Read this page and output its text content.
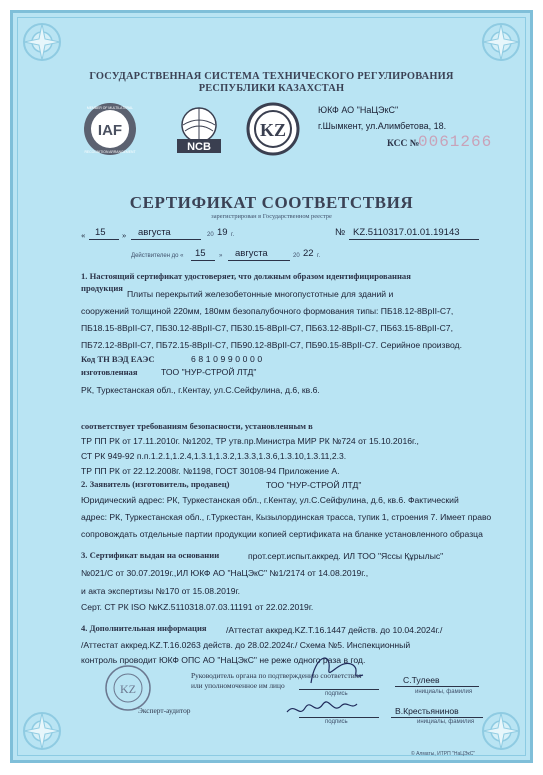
ГОСУДАРСТВЕННАЯ СИСТЕМА ТЕХНИЧЕСКОГО РЕГУЛИРОВАНИЯ
РЕСПУБЛИКИ КАЗАХСТАН
IAF
MEMBER OF MULTILATERAL
RECOGNITION ARRANGEMENT	NCB
KZ
ЮКФ АО "НаЦЭкС"
г.Шымкент, ул.Алимбетова, 18.
КСС №
0061266
СЕРТИФИКАТ СООТВЕТСТВИЯ
зарегистрирован в Государственном реестре
« 15 » августа	20 19 г.	№ KZ.5110317.01.01.19143
Действителен до « 15 » августа	20 22 г.
1. Настоящий сертификат удостоверяет, что должным образом идентифицированная
продукция
Плиты перекрытий железобетонные многопустотные для зданий и
сооружений толщиной 220мм, 180мм безопалубочного формования типы: ПБ18.12-8ВрII-С7,
ПБ18.15-8ВрII-С7, ПБ30.12-8ВрII-С7, ПБ30.15-8ВрII-С7, ПБ63.12-8ВрII-С7, ПБ63.15-8ВрII-С7,
ПБ72.12-8ВрII-С7, ПБ72.15-8ВрII-С7, ПБ90.12-8ВрII-С7, ПБ90.15-8ВрII-С7. Серийное производ.
Код ТН ВЭД ЕАЭС	6810990000
изготовленная	ТОО "НУР-СТРОЙ ЛТД"
РК, Туркестанская обл., г.Кентау, ул.С.Сейфулина, д.6, кв.6.
соответствует требованиям безопасности, установленным в
ТР ПП РК от 17.11.2010г. №1202, ТР утв.пр.Министра МИР РК №724 от 15.10.2016г.,
СТ РК 949-92 п.п.1.2.1,1.2.4,1.3.1,1.3.2,1.3.3,1.3.6,1.3.10,1.3.11,2.3.
ТР ПП РК от 22.12.2008г. №1198, ГОСТ 30108-94 Приложение А.
2. Заявитель (изготовитель, продавец)	ТОО "НУР-СТРОЙ ЛТД"
Юридический адрес: РК, Туркестанская обл., г.Кентау, ул.С.Сейфулина, д.6, кв.6. Фактический
адрес: РК, Туркестанская обл., г.Туркестан, Кызылординская трасса, тупик 1, строения 7. Имеет право
сопровождать отдельные партии продукции копией сертификата на бланке установленного образца
3. Сертификат выдан на основании	прот.серт.испыт.аккред. ИЛ ТОО "Яссы Құрылыс"
№021/С от 30.07.2019г.,ИЛ ЮКФ АО "НаЦЭкС" №1/2174 от 14.08.2019г.,
и акта экспертизы №170 от 15.08.2019г.
Серт. СТ РК ISO №KZ.5110318.07.03.11191 от 22.02.2019г.
4. Дополнительная информация /Аттестат аккред.KZ.T.16.1447 действ. до 10.04.2024г./
/Аттестат аккред.KZ.T.16.0263 действ. до 28.02.2024г./ Схема №5. Инспекционный
контроль проводит ЮКФ ОПС АО "НаЦЭкС" не реже одного раза в год.
KZ
Руководитель органа по подтверждению соответствия
или уполномоченное им лицо
подпись
С.Тулеев
инициалы, фамилия
Эксперт-аудитор
подпись
В.Крестьянинов
инициалы, фамилия
© Алматы, ИТРП "НаЦЭкС"
